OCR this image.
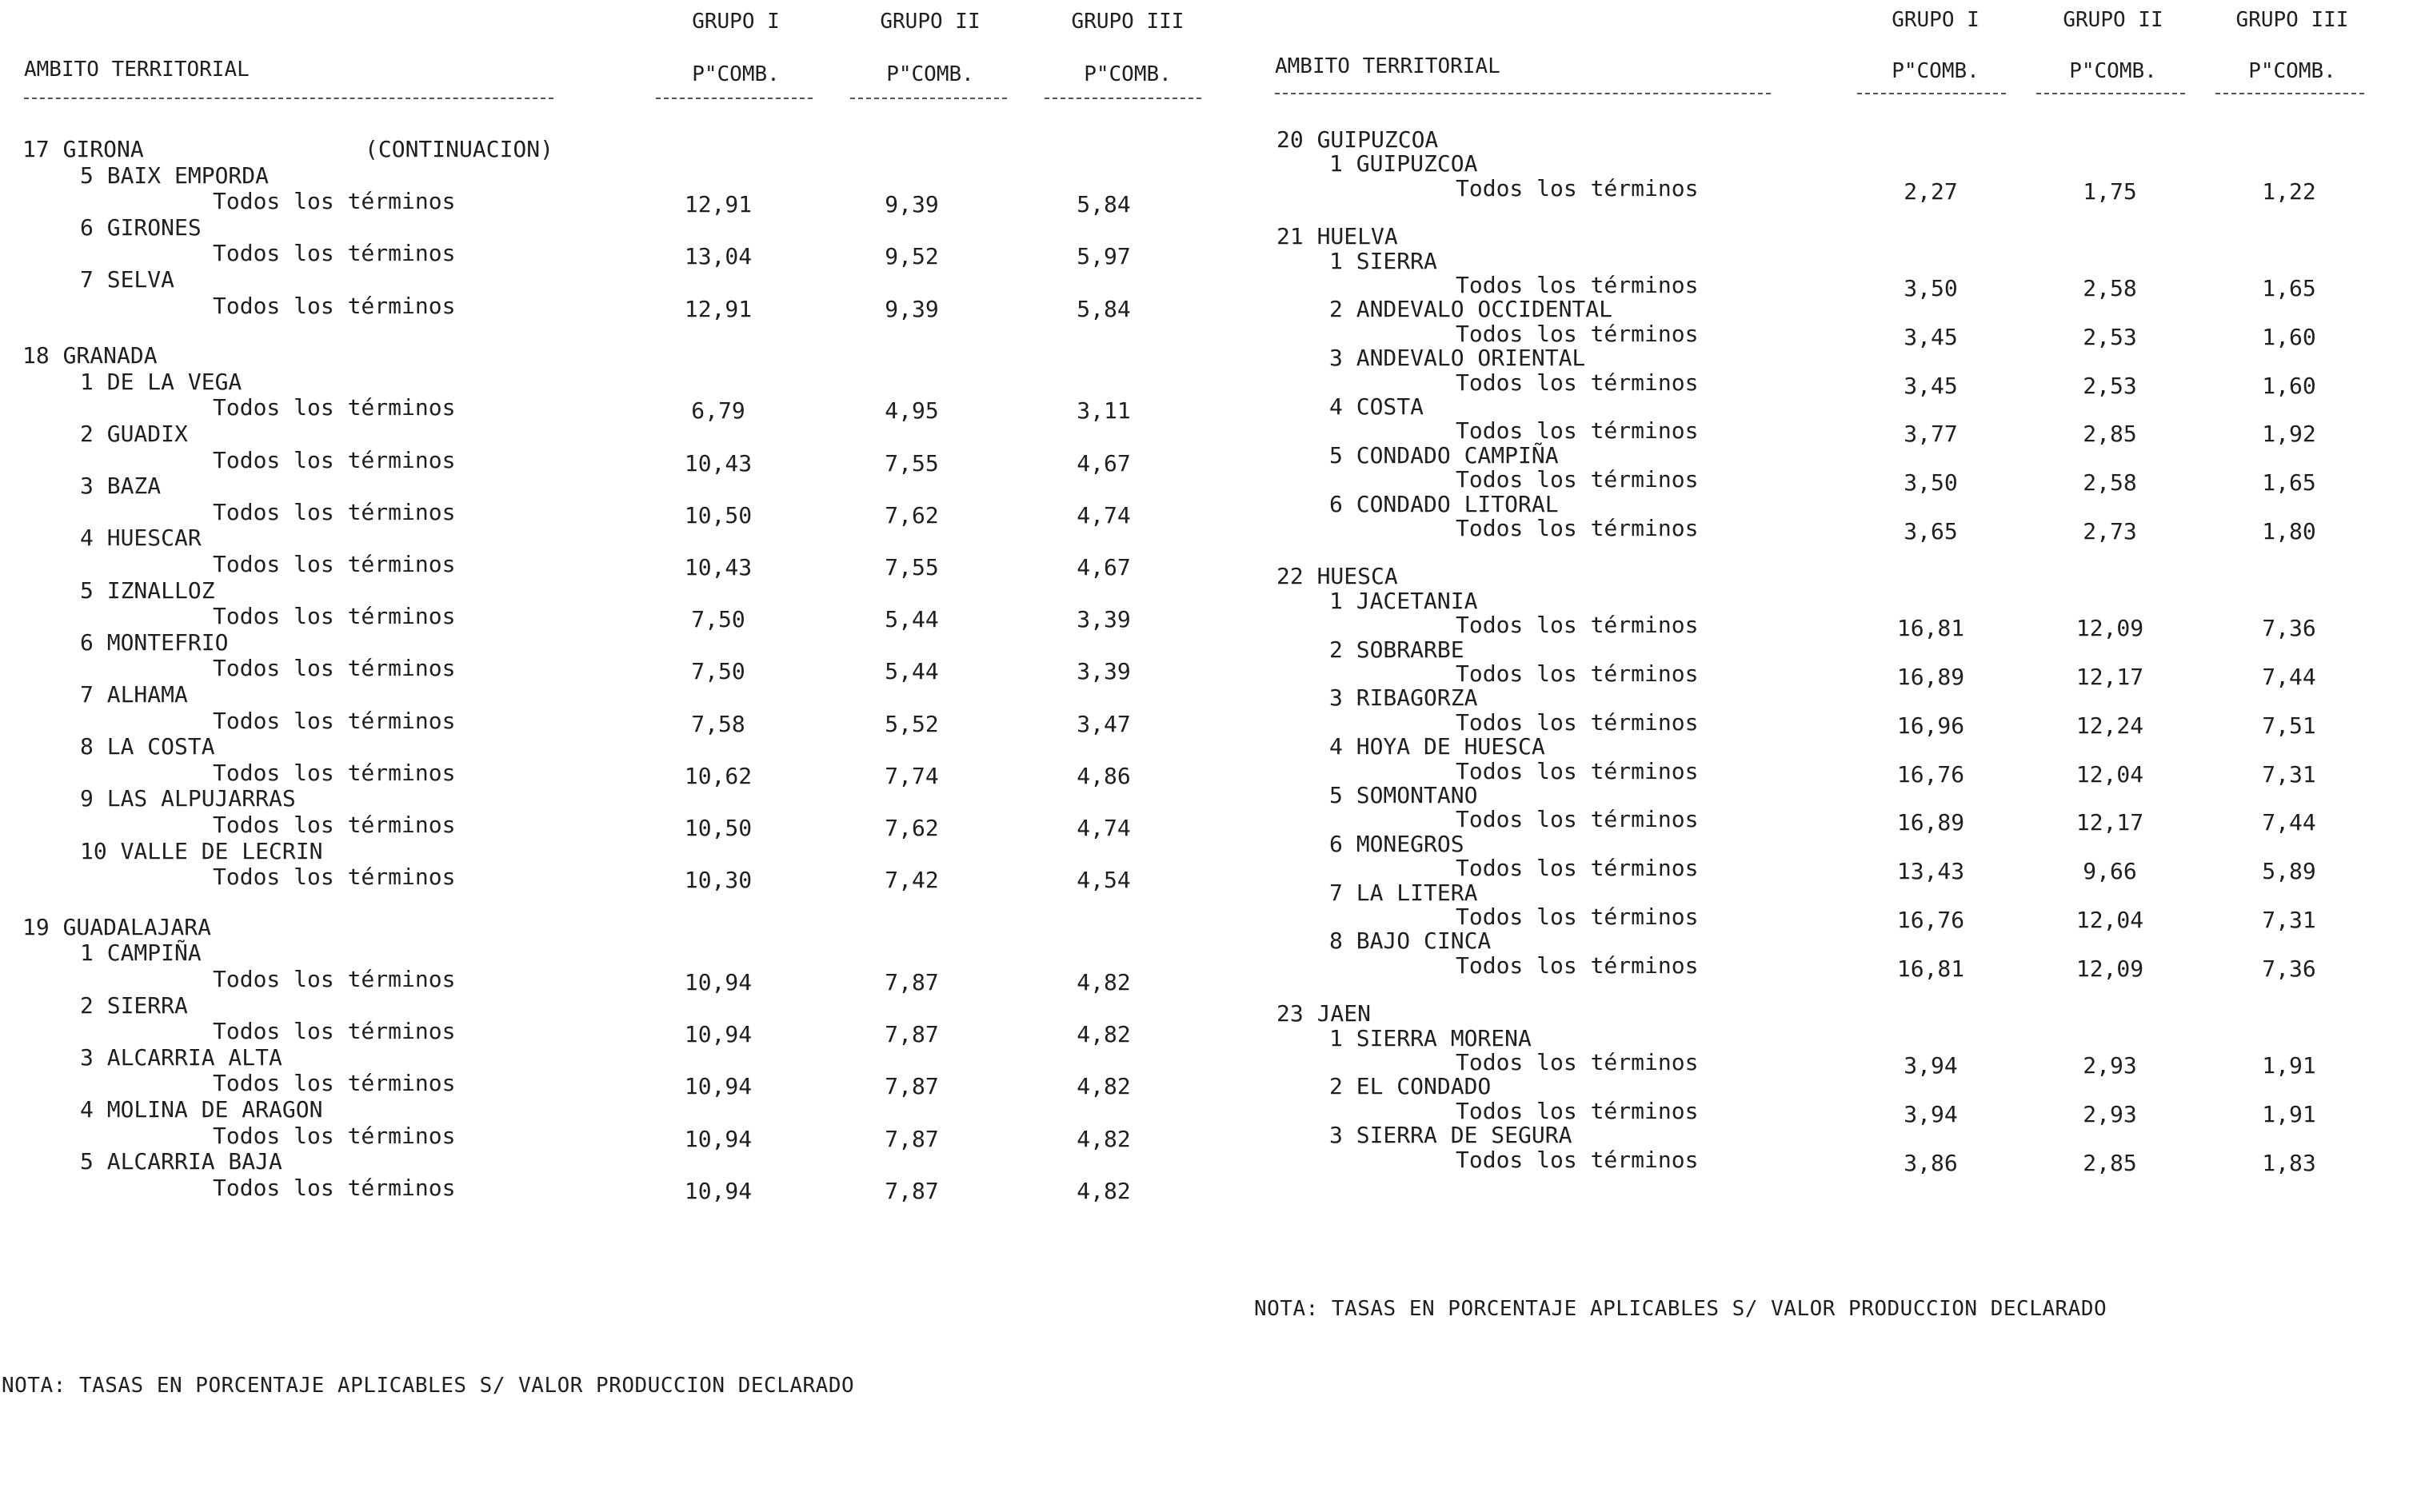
GRUPO I	GRUPO II	GRUPO III
AMBITO TERRITORIAL	P"COMB.	P"COMB.	P"COMB.
17 GIRONA	(CONTINUACION)
5 BAIX EMPORDA
Todos los términos	12,91	9,39	5,84
6 GIRONES
Todos los términos	13,04	9,52	5,97
7 SELVA
Todos los términos	12,91	9,39	5,84
18 GRANADA
1 DE LA VEGA
Todos los términos	6,79	4,95	3,11
2 GUADIX
Todos los términos	10,43	7,55	4,67
3 BAZA
Todos los términos	10,50	7,62	4,74
4 HUESCAR
Todos los términos	10,43	7,55	4,67
5 IZNALLOZ
Todos los términos	7,50	5,44	3,39
6 MONTEFRIO
Todos los términos	7,50	5,44	3,39
7 ALHAMA
Todos los términos	7,58	5,52	3,47
8 LA COSTA
Todos los términos	10,62	7,74	4,86
9 LAS ALPUJARRAS
Todos los términos	10,50	7,62	4,74
10 VALLE DE LECRIN
Todos los términos	10,30	7,42	4,54
19 GUADALAJARA
1 CAMPIÑA
Todos los términos	10,94	7,87	4,82
2 SIERRA
Todos los términos	10,94	7,87	4,82
3 ALCARRIA ALTA
Todos los términos	10,94	7,87	4,82
4 MOLINA DE ARAGON
Todos los términos	10,94	7,87	4,82
5 ALCARRIA BAJA
Todos los términos	10,94	7,87	4,82
NOTA: TASAS EN PORCENTAJE APLICABLES S/ VALOR PRODUCCION DECLARADO
GRUPO I	GRUPO II	GRUPO III
AMBITO TERRITORIAL	P"COMB.	P"COMB.	P"COMB.
20 GUIPUZCOA
1 GUIPUZCOA
Todos los términos	2,27	1,75	1,22
21 HUELVA
1 SIERRA
Todos los términos	3,50	2,58	1,65
2 ANDEVALO OCCIDENTAL
Todos los términos	3,45	2,53	1,60
3 ANDEVALO ORIENTAL
Todos los términos	3,45	2,53	1,60
4 COSTA
Todos los términos	3,77	2,85	1,92
5 CONDADO CAMPIÑA
Todos los términos	3,50	2,58	1,65
6 CONDADO LITORAL
Todos los términos	3,65	2,73	1,80
22 HUESCA
1 JACETANIA
Todos los términos	16,81	12,09	7,36
2 SOBRARBE
Todos los términos	16,89	12,17	7,44
3 RIBAGORZA
Todos los términos	16,96	12,24	7,51
4 HOYA DE HUESCA
Todos los términos	16,76	12,04	7,31
5 SOMONTANO
Todos los términos	16,89	12,17	7,44
6 MONEGROS
Todos los términos	13,43	9,66	5,89
7 LA LITERA
Todos los términos	16,76	12,04	7,31
8 BAJO CINCA
Todos los términos	16,81	12,09	7,36
23 JAEN
1 SIERRA MORENA
Todos los términos	3,94	2,93	1,91
2 EL CONDADO
Todos los términos	3,94	2,93	1,91
3 SIERRA DE SEGURA
Todos los términos	3,86	2,85	1,83
NOTA: TASAS EN PORCENTAJE APLICABLES S/ VALOR PRODUCCION DECLARADO
